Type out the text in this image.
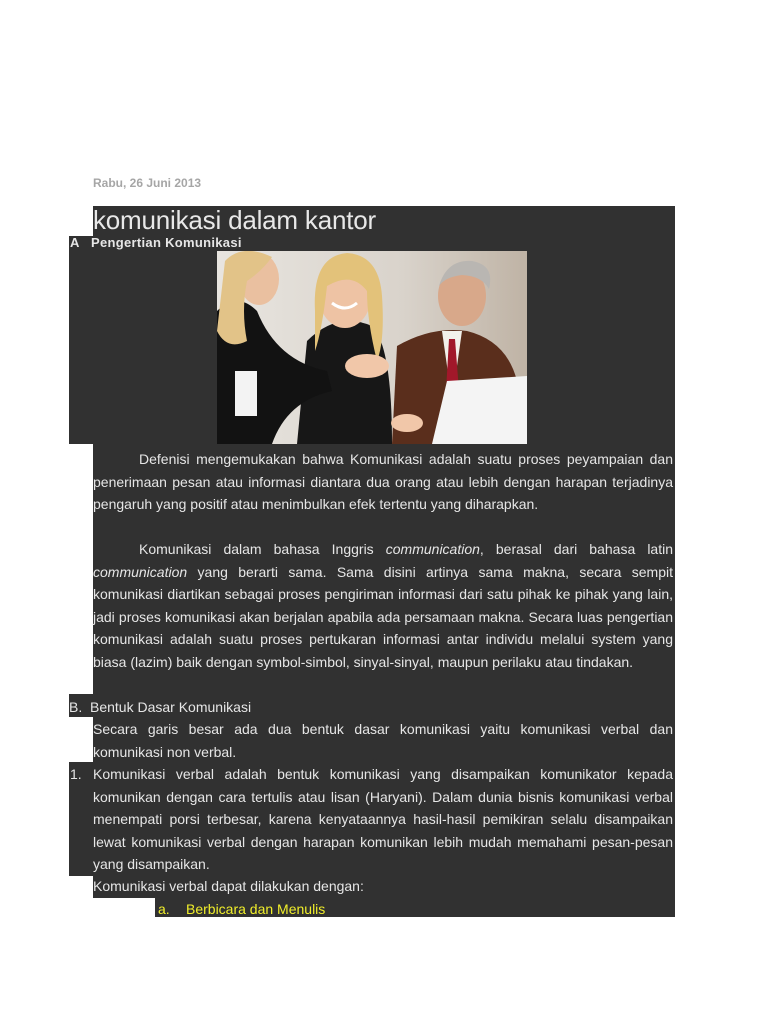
Rabu, 26 Juni 2013
komunikasi dalam kantor
A Pengertian Komunikasi
Defenisi mengemukakan bahwa Komunikasi adalah suatu proses peyampaian dan penerimaan pesan atau informasi diantara dua orang atau lebih dengan harapan terjadinya pengaruh yang positif atau menimbulkan efek tertentu yang diharapkan.
Komunikasi dalam bahasa Inggris communication, berasal dari bahasa latin communication yang berarti sama. Sama disini artinya sama makna, secara sempit komunikasi diartikan sebagai proses pengiriman informasi dari satu pihak ke pihak yang lain, jadi proses komunikasi akan berjalan apabila ada persamaan makna. Secara luas pengertian komunikasi adalah suatu proses pertukaran informasi antar individu melalui system yang biasa (lazim) baik dengan symbol-simbol, sinyal-sinyal, maupun perilaku atau tindakan.
B. Bentuk Dasar Komunikasi
Secara garis besar ada dua bentuk dasar komunikasi yaitu komunikasi verbal dan komunikasi non verbal.
1. Komunikasi verbal adalah bentuk komunikasi yang disampaikan komunikator kepada komunikan dengan cara tertulis atau lisan (Haryani). Dalam dunia bisnis komunikasi verbal menempati porsi terbesar, karena kenyataannya hasil-hasil pemikiran selalu disampaikan lewat komunikasi verbal dengan harapan komunikan lebih mudah memahami pesan-pesan yang disampaikan.
Komunikasi verbal dapat dilakukan dengan:
a. Berbicara dan Menulis
